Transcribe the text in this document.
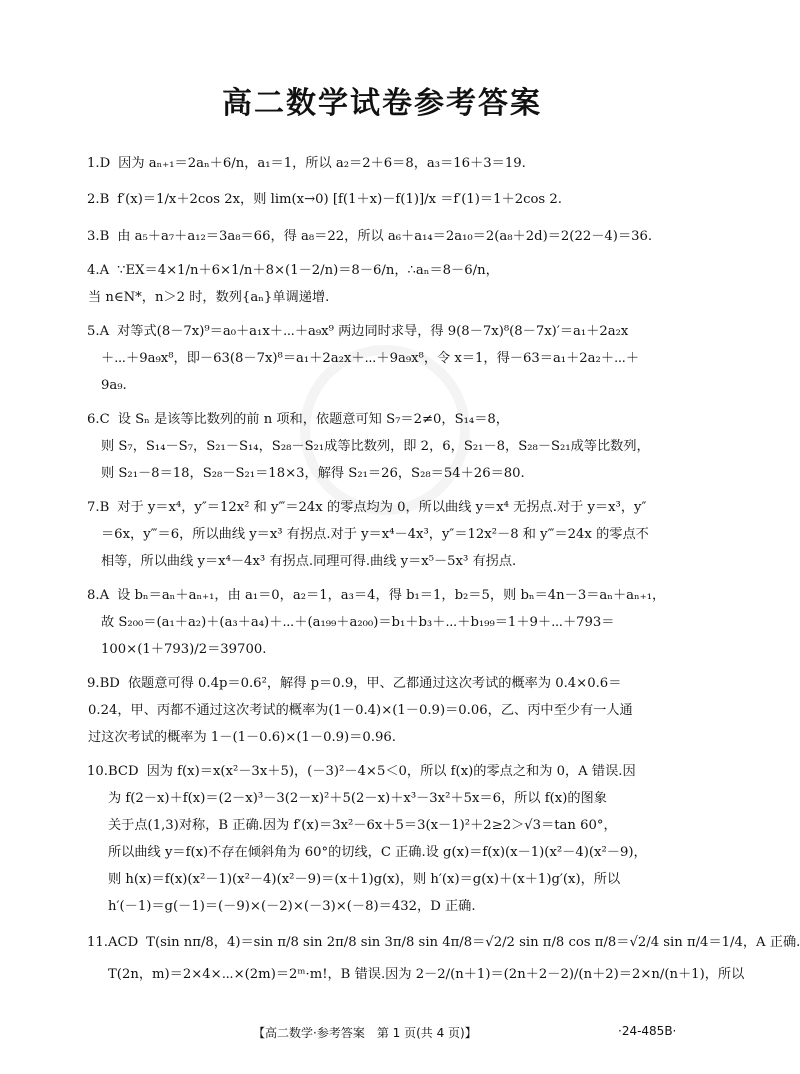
高二数学试卷参考答案
1.D 因为 aₙ₊₁＝2aₙ＋6/n，a₁＝1，所以 a₂＝2＋6＝8，a₃＝16＋3＝19.
2.B f′(x)＝1/x＋2cos 2x，则 lim(x→0) [f(1＋x)－f(1)]/x ＝f′(1)＝1＋2cos 2.
3.B 由 a₅＋a₇＋a₁₂＝3a₈＝66，得 a₈＝22，所以 a₆＋a₁₄＝2a₁₀＝2(a₈＋2d)＝2(22－4)＝36.
4.A ∵EX＝4×1/n＋6×1/n＋8×(1－2/n)＝8－6/n，∴aₙ＝8－6/n，
当 n∈N*，n＞2 时，数列{aₙ}单调递增.
5.A 对等式(8－7x)⁹＝a₀＋a₁x＋⋯＋a₉x⁹ 两边同时求导，得 9(8－7x)⁸(8－7x)′＝a₁＋2a₂x
＋⋯＋9a₉x⁸，即－63(8－7x)⁸＝a₁＋2a₂x＋⋯＋9a₉x⁸，令 x＝1，得－63＝a₁＋2a₂＋⋯＋
9a₉.
6.C 设 Sₙ 是该等比数列的前 n 项和，依题意可知 S₇＝2≠0，S₁₄＝8，
则 S₇，S₁₄－S₇，S₂₁－S₁₄，S₂₈－S₂₁成等比数列，即 2，6，S₂₁－8，S₂₈－S₂₁成等比数列，
则 S₂₁－8＝18，S₂₈－S₂₁＝18×3，解得 S₂₁＝26，S₂₈＝54＋26＝80.
7.B 对于 y＝x⁴，y″＝12x² 和 y‴＝24x 的零点均为 0，所以曲线 y＝x⁴ 无拐点.对于 y＝x³，y″
＝6x，y‴＝6，所以曲线 y＝x³ 有拐点.对于 y＝x⁴－4x³，y″＝12x²－8 和 y‴＝24x 的零点不
相等，所以曲线 y＝x⁴－4x³ 有拐点.同理可得.曲线 y＝x⁵－5x³ 有拐点.
8.A 设 bₙ＝aₙ＋aₙ₊₁，由 a₁＝0，a₂＝1，a₃＝4，得 b₁＝1，b₂＝5，则 bₙ＝4n－3＝aₙ＋aₙ₊₁，
故 S₂₀₀＝(a₁＋a₂)＋(a₃＋a₄)＋⋯＋(a₁₉₉＋a₂₀₀)＝b₁＋b₃＋⋯＋b₁₉₉＝1＋9＋⋯＋793＝
100×(1＋793)/2＝39700.
9.BD 依题意可得 0.4p＝0.6²，解得 p＝0.9，甲、乙都通过这次考试的概率为 0.4×0.6＝
0.24，甲、丙都不通过这次考试的概率为(1－0.4)×(1－0.9)＝0.06，乙、丙中至少有一人通
过这次考试的概率为 1－(1－0.6)×(1－0.9)＝0.96.
10.BCD 因为 f(x)＝x(x²－3x＋5)，(－3)²－4×5＜0，所以 f(x)的零点之和为 0，A 错误.因
为 f(2－x)＋f(x)＝(2－x)³－3(2－x)²＋5(2－x)＋x³－3x²＋5x＝6，所以 f(x)的图象
关于点(1,3)对称，B 正确.因为 f′(x)＝3x²－6x＋5＝3(x－1)²＋2≥2＞√3＝tan 60°，
所以曲线 y＝f(x)不存在倾斜角为 60°的切线，C 正确.设 g(x)＝f(x)(x－1)(x²－4)(x²－9)，
则 h(x)＝f(x)(x²－1)(x²－4)(x²－9)＝(x＋1)g(x)，则 h′(x)＝g(x)＋(x＋1)g′(x)，所以
h′(－1)＝g(－1)＝(－9)×(－2)×(－3)×(－8)＝432，D 正确.
11.ACD T(sin nπ/8，4)＝sin π/8 sin 2π/8 sin 3π/8 sin 4π/8＝√2/2 sin π/8 cos π/8＝√2/4 sin π/4＝1/4，A 正确.
T(2n，m)＝2×4×⋯×(2m)＝2ᵐ·m!，B 错误.因为 2－2/(n＋1)＝(2n＋2－2)/(n＋2)＝2×n/(n＋1)，所以
【高二数学·参考答案　第 1 页(共 4 页)】	·24-485B·
